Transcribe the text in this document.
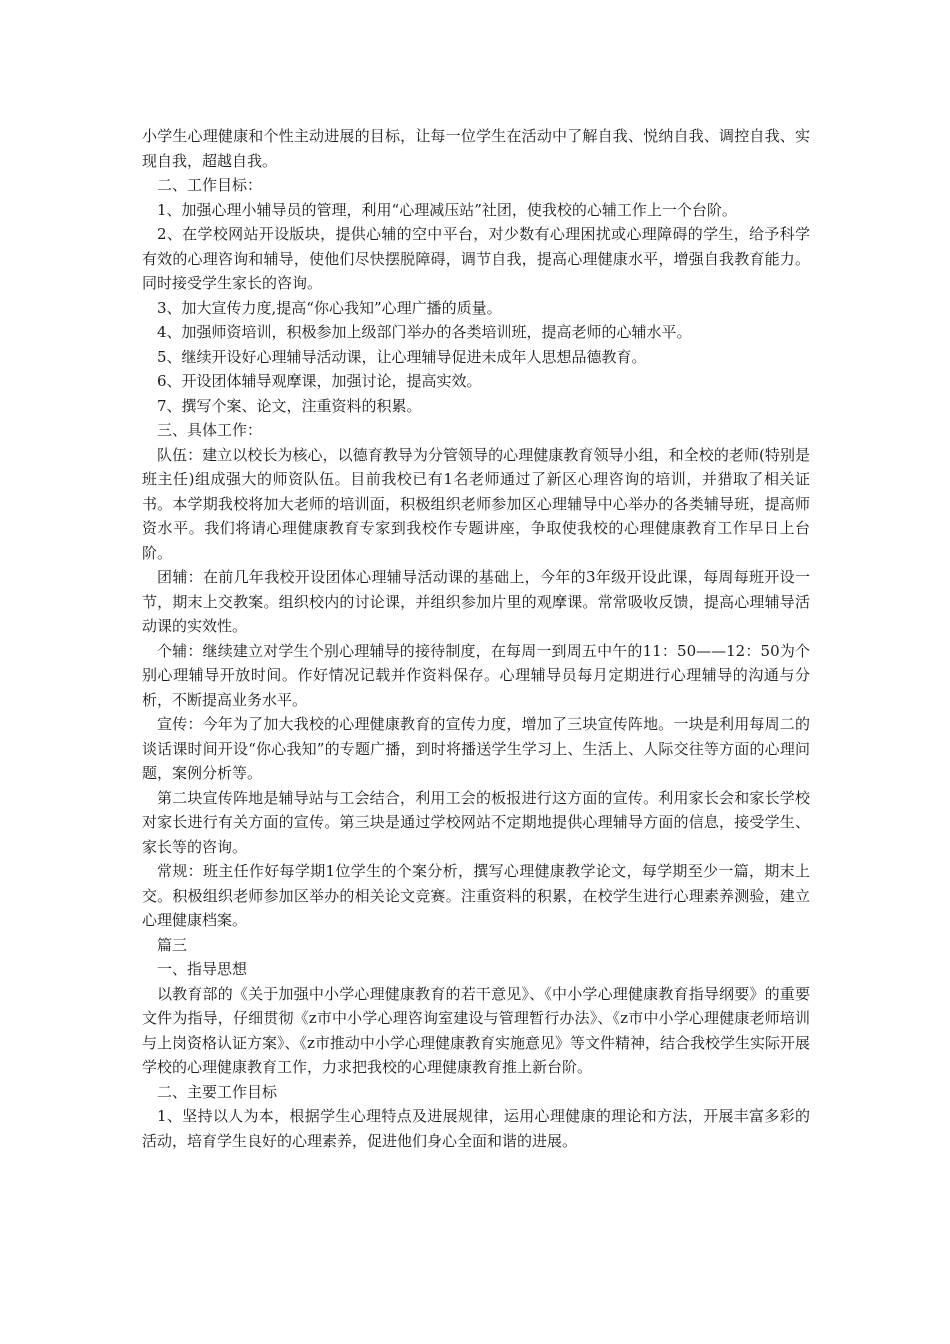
小学生心理健康和个性主动进展的目标，让每一位学生在活动中了解自我、悦纳自我、调控自我、实现自我，超越自我。

二、工作目标：

1、加强心理小辅导员的管理，利用“心理减压站”社团，使我校的心辅工作上一个台阶。

2、在学校网站开设版块，提供心辅的空中平台，对少数有心理困扰或心理障碍的学生，给予科学有效的心理咨询和辅导，使他们尽快摆脱障碍，调节自我，提高心理健康水平，增强自我教育能力。同时接受学生家长的咨询。

3、加大宣传力度,提高“你心我知”心理广播的质量。

4、加强师资培训，积极参加上级部门举办的各类培训班，提高老师的心辅水平。

5、继续开设好心理辅导活动课，让心理辅导促进未成年人思想品德教育。

6、开设团体辅导观摩课，加强讨论，提高实效。

7、撰写个案、论文，注重资料的积累。

三、具体工作：

队伍：建立以校长为核心，以德育教导为分管领导的心理健康教育领导小组，和全校的老师(特别是班主任)组成强大的师资队伍。目前我校已有1名老师通过了新区心理咨询的培训，并猎取了相关证书。本学期我校将加大老师的培训面，积极组织老师参加区心理辅导中心举办的各类辅导班，提高师资水平。我们将请心理健康教育专家到我校作专题讲座，争取使我校的心理健康教育工作早日上台阶。

团辅：在前几年我校开设团体心理辅导活动课的基础上，今年的3年级开设此课，每周每班开设一节，期末上交教案。组织校内的讨论课，并组织参加片里的观摩课。常常吸收反馈，提高心理辅导活动课的实效性。

个辅：继续建立对学生个别心理辅导的接待制度，在每周一到周五中午的11：50——12：50为个别心理辅导开放时间。作好情况记载并作资料保存。心理辅导员每月定期进行心理辅导的沟通与分析，不断提高业务水平。

宣传：今年为了加大我校的心理健康教育的宣传力度，增加了三块宣传阵地。一块是利用每周二的谈话课时间开设“你心我知”的专题广播，到时将播送学生学习上、生活上、人际交往等方面的心理问题，案例分析等。

第二块宣传阵地是辅导站与工会结合，利用工会的板报进行这方面的宣传。利用家长会和家长学校对家长进行有关方面的宣传。第三块是通过学校网站不定期地提供心理辅导方面的信息，接受学生、家长等的咨询。

常规：班主任作好每学期1位学生的个案分析，撰写心理健康教学论文，每学期至少一篇，期末上交。积极组织老师参加区举办的相关论文竞赛。注重资料的积累，在校学生进行心理素养测验，建立心理健康档案。

篇三

一、指导思想

以教育部的《关于加强中小学心理健康教育的若干意见》、《中小学心理健康教育指导纲要》的重要文件为指导，仔细贯彻《z市中小学心理咨询室建设与管理暂行办法》、《z市中小学心理健康老师培训与上岗资格认证方案》、《z市推动中小学心理健康教育实施意见》等文件精神，结合我校学生实际开展学校的心理健康教育工作，力求把我校的心理健康教育推上新台阶。

二、主要工作目标

1、坚持以人为本，根据学生心理特点及进展规律，运用心理健康的理论和方法，开展丰富多彩的活动，培育学生良好的心理素养，促进他们身心全面和谐的进展。
